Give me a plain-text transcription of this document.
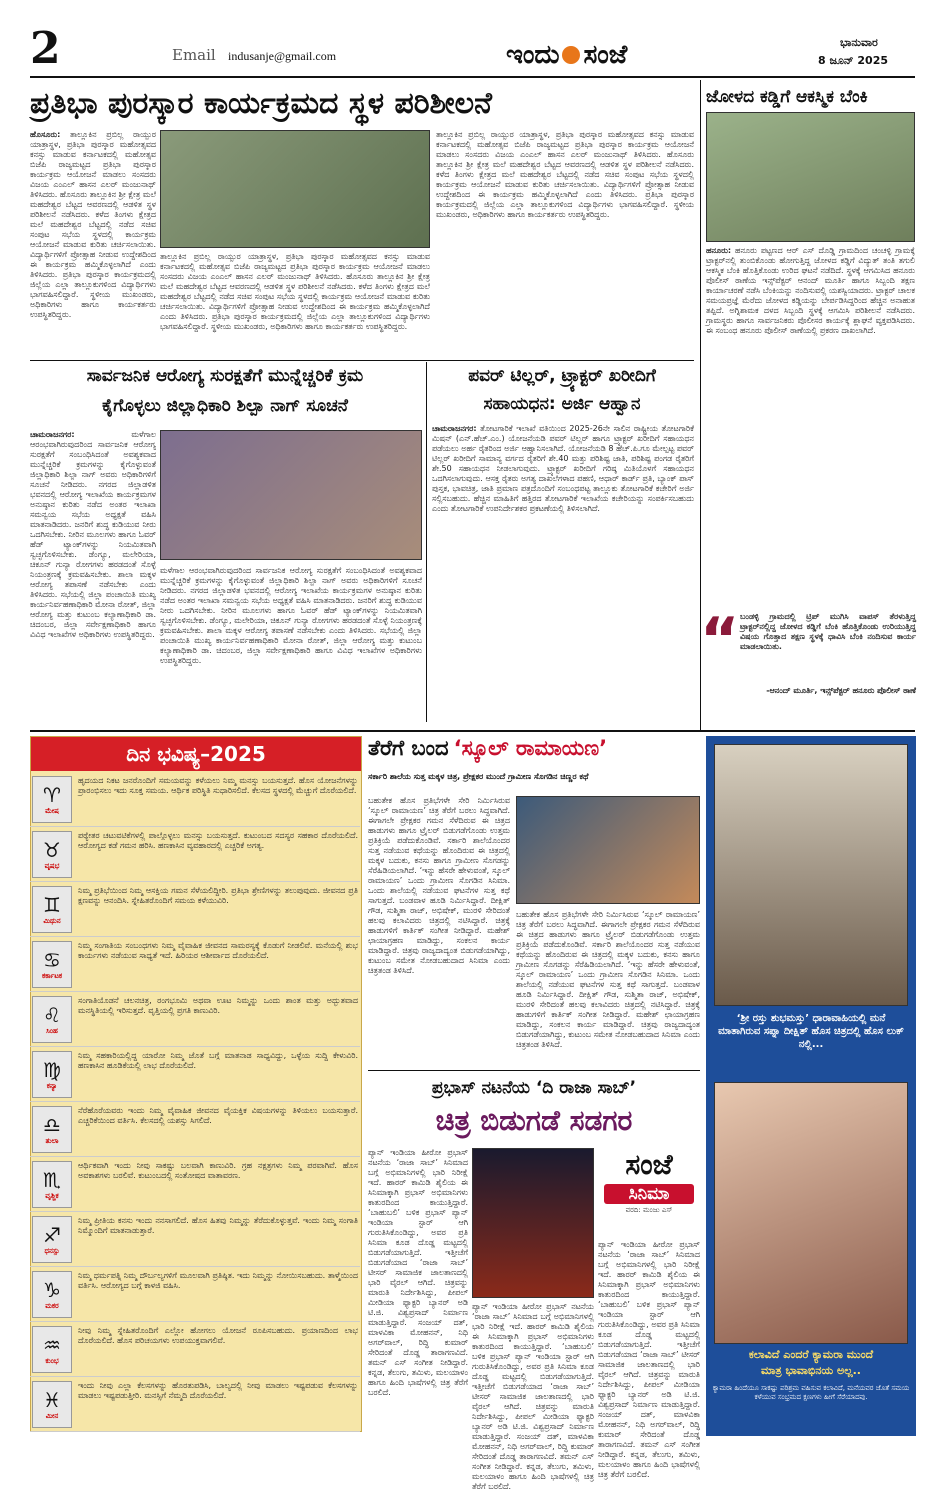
2	Email indusanje@gmail.com	ಇಂದು ಸಂಜೆ	ಭಾನುವಾರ
8 ಜೂನ್ 2025
ಪ್ರತಿಭಾ ಪುರಸ್ಕಾರ ಕಾರ್ಯಕ್ರಮದ ಸ್ಥಳ ಪರಿಶೀಲನೆ
ಹೊಸೂರು: ತಾಲ್ಲೂಕಿನ ಪ್ರಬಿಲ್ಲ ರಾಯ್ಪುರ ಯಾತ್ರಾಸ್ಥಳ, ಪ್ರತಿಭಾ ಪುರಸ್ಕಾರ ಮಹೋತ್ಸವದ ಕನಸ್ಸು ಮಾಡುವ ಕರ್ನಾಟಕದಲ್ಲಿ ಮಹೋತ್ಸವ ಬಿಜೆಪಿ ರಾಜ್ಯಮಟ್ಟದ ಪ್ರತಿಭಾ ಪುರಸ್ಕಾರ ಕಾರ್ಯಕ್ರಮ ಆಯೋಜನೆ ಮಾಡಲು ಸಂಸದರು ವಿಜಯ ಎಂಎಲ್ ಹಾಸನ ಎಲರ್ ಮಂಜುನಾಥ್ ತಿಳಿಸಿದರು. ಹೊಸೂರು ತಾಲ್ಲೂಕಿನ ಶ್ರೀ ಕ್ಷೇತ್ರ ಮಲೆ ಮಹದೇಶ್ವರ ಬೆಟ್ಟದ ಆವರಣದಲ್ಲಿ ಆಡಳಿತ ಸ್ಥಳ ಪರಿಶೀಲನೆ ನಡೆಸಿದರು. ಕಳೆದ ತಿಂಗಳು ಕ್ಷೇತ್ರದ ಮಲೆ ಮಹದೇಶ್ವರ ಬೆಟ್ಟದಲ್ಲಿ ನಡೆದ ಸಚಿವ ಸಂಪುಟ ಸಭೆಯ ಸ್ಥಳದಲ್ಲಿ ಕಾರ್ಯಕ್ರಮ ಆಯೋಜನೆ ಮಾಡುವ ಕುರಿತು ಚರ್ಚಿಸಲಾಯಿತು. ವಿದ್ಯಾರ್ಥಿಗಳಿಗೆ ಪ್ರೋತ್ಸಾಹ ನೀಡುವ ಉದ್ದೇಶದಿಂದ ಈ ಕಾರ್ಯಕ್ರಮ ಹಮ್ಮಿಕೊಳ್ಳಲಾಗಿದೆ ಎಂದು ತಿಳಿಸಿದರು. ಪ್ರತಿಭಾ ಪುರಸ್ಕಾರ ಕಾರ್ಯಕ್ರಮದಲ್ಲಿ ಜಿಲ್ಲೆಯ ಎಲ್ಲಾ ತಾಲ್ಲೂಕುಗಳಿಂದ ವಿದ್ಯಾರ್ಥಿಗಳು ಭಾಗವಹಿಸಲಿದ್ದಾರೆ. ಸ್ಥಳೀಯ ಮುಖಂಡರು, ಅಧಿಕಾರಿಗಳು ಹಾಗೂ ಕಾರ್ಯಕರ್ತರು ಉಪಸ್ಥಿತರಿದ್ದರು.
ತಾಲ್ಲೂಕಿನ ಪ್ರಬಿಲ್ಲ ರಾಯ್ಪುರ ಯಾತ್ರಾಸ್ಥಳ, ಪ್ರತಿಭಾ ಪುರಸ್ಕಾರ ಮಹೋತ್ಸವದ ಕನಸ್ಸು ಮಾಡುವ ಕರ್ನಾಟಕದಲ್ಲಿ ಮಹೋತ್ಸವ ಬಿಜೆಪಿ ರಾಜ್ಯಮಟ್ಟದ ಪ್ರತಿಭಾ ಪುರಸ್ಕಾರ ಕಾರ್ಯಕ್ರಮ ಆಯೋಜನೆ ಮಾಡಲು ಸಂಸದರು ವಿಜಯ ಎಂಎಲ್ ಹಾಸನ ಎಲರ್ ಮಂಜುನಾಥ್ ತಿಳಿಸಿದರು. ಹೊಸೂರು ತಾಲ್ಲೂಕಿನ ಶ್ರೀ ಕ್ಷೇತ್ರ ಮಲೆ ಮಹದೇಶ್ವರ ಬೆಟ್ಟದ ಆವರಣದಲ್ಲಿ ಆಡಳಿತ ಸ್ಥಳ ಪರಿಶೀಲನೆ ನಡೆಸಿದರು. ಕಳೆದ ತಿಂಗಳು ಕ್ಷೇತ್ರದ ಮಲೆ ಮಹದೇಶ್ವರ ಬೆಟ್ಟದಲ್ಲಿ ನಡೆದ ಸಚಿವ ಸಂಪುಟ ಸಭೆಯ ಸ್ಥಳದಲ್ಲಿ ಕಾರ್ಯಕ್ರಮ ಆಯೋಜನೆ ಮಾಡುವ ಕುರಿತು ಚರ್ಚಿಸಲಾಯಿತು. ವಿದ್ಯಾರ್ಥಿಗಳಿಗೆ ಪ್ರೋತ್ಸಾಹ ನೀಡುವ ಉದ್ದೇಶದಿಂದ ಈ ಕಾರ್ಯಕ್ರಮ ಹಮ್ಮಿಕೊಳ್ಳಲಾಗಿದೆ ಎಂದು ತಿಳಿಸಿದರು. ಪ್ರತಿಭಾ ಪುರಸ್ಕಾರ ಕಾರ್ಯಕ್ರಮದಲ್ಲಿ ಜಿಲ್ಲೆಯ ಎಲ್ಲಾ ತಾಲ್ಲೂಕುಗಳಿಂದ ವಿದ್ಯಾರ್ಥಿಗಳು ಭಾಗವಹಿಸಲಿದ್ದಾರೆ. ಸ್ಥಳೀಯ ಮುಖಂಡರು, ಅಧಿಕಾರಿಗಳು ಹಾಗೂ ಕಾರ್ಯಕರ್ತರು ಉಪಸ್ಥಿತರಿದ್ದರು.
ತಾಲ್ಲೂಕಿನ ಪ್ರಬಿಲ್ಲ ರಾಯ್ಪುರ ಯಾತ್ರಾಸ್ಥಳ, ಪ್ರತಿಭಾ ಪುರಸ್ಕಾರ ಮಹೋತ್ಸವದ ಕನಸ್ಸು ಮಾಡುವ ಕರ್ನಾಟಕದಲ್ಲಿ ಮಹೋತ್ಸವ ಬಿಜೆಪಿ ರಾಜ್ಯಮಟ್ಟದ ಪ್ರತಿಭಾ ಪುರಸ್ಕಾರ ಕಾರ್ಯಕ್ರಮ ಆಯೋಜನೆ ಮಾಡಲು ಸಂಸದರು ವಿಜಯ ಎಂಎಲ್ ಹಾಸನ ಎಲರ್ ಮಂಜುನಾಥ್ ತಿಳಿಸಿದರು. ಹೊಸೂರು ತಾಲ್ಲೂಕಿನ ಶ್ರೀ ಕ್ಷೇತ್ರ ಮಲೆ ಮಹದೇಶ್ವರ ಬೆಟ್ಟದ ಆವರಣದಲ್ಲಿ ಆಡಳಿತ ಸ್ಥಳ ಪರಿಶೀಲನೆ ನಡೆಸಿದರು. ಕಳೆದ ತಿಂಗಳು ಕ್ಷೇತ್ರದ ಮಲೆ ಮಹದೇಶ್ವರ ಬೆಟ್ಟದಲ್ಲಿ ನಡೆದ ಸಚಿವ ಸಂಪುಟ ಸಭೆಯ ಸ್ಥಳದಲ್ಲಿ ಕಾರ್ಯಕ್ರಮ ಆಯೋಜನೆ ಮಾಡುವ ಕುರಿತು ಚರ್ಚಿಸಲಾಯಿತು. ವಿದ್ಯಾರ್ಥಿಗಳಿಗೆ ಪ್ರೋತ್ಸಾಹ ನೀಡುವ ಉದ್ದೇಶದಿಂದ ಈ ಕಾರ್ಯಕ್ರಮ ಹಮ್ಮಿಕೊಳ್ಳಲಾಗಿದೆ ಎಂದು ತಿಳಿಸಿದರು. ಪ್ರತಿಭಾ ಪುರಸ್ಕಾರ ಕಾರ್ಯಕ್ರಮದಲ್ಲಿ ಜಿಲ್ಲೆಯ ಎಲ್ಲಾ ತಾಲ್ಲೂಕುಗಳಿಂದ ವಿದ್ಯಾರ್ಥಿಗಳು ಭಾಗವಹಿಸಲಿದ್ದಾರೆ. ಸ್ಥಳೀಯ ಮುಖಂಡರು, ಅಧಿಕಾರಿಗಳು ಹಾಗೂ ಕಾರ್ಯಕರ್ತರು ಉಪಸ್ಥಿತರಿದ್ದರು.
ಜೋಳದ ಕಡ್ಡಿಗೆ ಆಕಸ್ಮಿಕ ಬೆಂಕಿ
ಹನೂರು: ಹನೂರು ಪಟ್ಟಣದ ಆರ್ ಎಸ್ ದೊಡ್ಡಿ ಗ್ರಾಮದಿಂದ ಚಂಚಳ್ಳಿ ಗ್ರಾಮಕ್ಕೆ ಟ್ರಾಕ್ಟರ್‌ನಲ್ಲಿ ತುಂಬಿಕೊಂಡು ಹೋಗುತ್ತಿದ್ದ ಜೋಳದ ಕಡ್ಡಿಗೆ ವಿದ್ಯುತ್ ತಂತಿ ತಗುಲಿ ಆಕಸ್ಮಿಕ ಬೆಂಕಿ ಹೊತ್ತಿಕೊಂಡು ಉರಿದ ಘಟನೆ ನಡೆದಿದೆ. ಸ್ಥಳಕ್ಕೆ ಆಗಮಿಸಿದ ಹನೂರು ಪೊಲೀಸ್ ಠಾಣೆಯ ಇನ್ಸ್‌ಪೆಕ್ಟರ್ ಆನಂದ್ ಮೂರ್ತಿ ಹಾಗೂ ಸಿಬ್ಬಂದಿ ತಕ್ಷಣ ಕಾರ್ಯಾಚರಣೆ ನಡೆಸಿ ಬೆಂಕಿಯನ್ನು ನಂದಿಸುವಲ್ಲಿ ಯಶಸ್ವಿಯಾದರು. ಟ್ರಾಕ್ಟರ್ ಚಾಲಕ ಸಮಯಪ್ರಜ್ಞೆ ಮೆರೆದು ಜೋಳದ ಕಡ್ಡಿಯನ್ನು ಬೇರ್ಪಡಿಸಿದ್ದರಿಂದ ಹೆಚ್ಚಿನ ಅನಾಹುತ ತಪ್ಪಿದೆ. ಅಗ್ನಿಶಾಮಕ ದಳದ ಸಿಬ್ಬಂದಿ ಸ್ಥಳಕ್ಕೆ ಆಗಮಿಸಿ ಪರಿಶೀಲನೆ ನಡೆಸಿದರು. ಗ್ರಾಮಸ್ಥರು ಹಾಗೂ ಸಾರ್ವಜನಿಕರು ಪೊಲೀಸರ ಕಾರ್ಯಕ್ಕೆ ಶ್ಲಾಘನೆ ವ್ಯಕ್ತಪಡಿಸಿದರು. ಈ ಸಂಬಂಧ ಹನೂರು ಪೊಲೀಸ್ ಠಾಣೆಯಲ್ಲಿ ಪ್ರಕರಣ ದಾಖಲಾಗಿದೆ.
“ ಬಂಡಳ್ಳಿ ಗ್ರಾಮದಲ್ಲಿ ಟ್ರಿಪ್ ಮುಗಿಸಿ ವಾಪಸ್ ತೆರಳುತ್ತಿದ್ದ ಟ್ರಾಕ್ಟರ್‌ನಲ್ಲಿದ್ದ ಜೋಳದ ಕಡ್ಡಿಗೆ ಬೆಂಕಿ ಹೊತ್ತಿಕೊಂಡು ಉರಿಯುತ್ತಿದ್ದ ವಿಷಯ ಗೊತ್ತಾದ ತಕ್ಷಣ ಸ್ಥಳಕ್ಕೆ ಧಾವಿಸಿ ಬೆಂಕಿ ನಂದಿಸುವ ಕಾರ್ಯ ಮಾಡಲಾಯಿತು.
-ಆನಂದ್ ಮೂರ್ತಿ, ಇನ್ಸ್‌ಪೆಕ್ಟರ್ ಹನೂರು ಪೊಲೀಸ್ ಠಾಣೆ
ಸಾರ್ವಜನಿಕ ಆರೋಗ್ಯ ಸುರಕ್ಷತೆಗೆ ಮುನ್ನೆಚ್ಚರಿಕೆ ಕ್ರಮ
ಕೈಗೊಳ್ಳಲು ಜಿಲ್ಲಾಧಿಕಾರಿ ಶಿಲ್ಪಾ ನಾಗ್ ಸೂಚನೆ
ಚಾಮರಾಜನಗರ:	ಮಳೆಗಾಲ ಆರಂಭವಾಗಿರುವುದರಿಂದ ಸಾರ್ವಜನಿಕ ಆರೋಗ್ಯ ಸುರಕ್ಷತೆಗೆ ಸಂಬಂಧಿಸಿದಂತೆ ಅವಶ್ಯಕವಾದ ಮುನ್ನೆಚ್ಚರಿಕೆ ಕ್ರಮಗಳನ್ನು ಕೈಗೊಳ್ಳುವಂತೆ ಜಿಲ್ಲಾಧಿಕಾರಿ ಶಿಲ್ಪಾ ನಾಗ್ ಅವರು ಅಧಿಕಾರಿಗಳಿಗೆ ಸೂಚನೆ ನೀಡಿದರು. ನಗರದ ಜಿಲ್ಲಾಡಳಿತ ಭವನದಲ್ಲಿ ಆರೋಗ್ಯ ಇಲಾಖೆಯ ಕಾರ್ಯಕ್ರಮಗಳ ಅನುಷ್ಠಾನ ಕುರಿತು ನಡೆದ ಅಂತರ ಇಲಾಖಾ ಸಮನ್ವಯ ಸಭೆಯ ಅಧ್ಯಕ್ಷತೆ ವಹಿಸಿ ಮಾತನಾಡಿದರು. ಜನರಿಗೆ ಶುದ್ಧ ಕುಡಿಯುವ ನೀರು ಒದಗಿಸಬೇಕು. ನೀರಿನ ಮೂಲಗಳು ಹಾಗೂ ಓವರ್ ಹೆಡ್ ಟ್ಯಾಂಕ್‌ಗಳನ್ನು ನಿಯಮಿತವಾಗಿ ಸ್ವಚ್ಛಗೊಳಿಸಬೇಕು. ಡೆಂಗ್ಯೂ, ಮಲೇರಿಯಾ, ಚಿಕೂನ್ ಗುನ್ಯಾ ರೋಗಗಳು ಹರಡದಂತೆ ಸೊಳ್ಳೆ ನಿಯಂತ್ರಣಕ್ಕೆ ಕ್ರಮವಹಿಸಬೇಕು. ಶಾಲಾ ಮಕ್ಕಳ ಆರೋಗ್ಯ ತಪಾಸಣೆ ನಡೆಸಬೇಕು ಎಂದು ತಿಳಿಸಿದರು. ಸಭೆಯಲ್ಲಿ ಜಿಲ್ಲಾ ಪಂಚಾಯಿತಿ ಮುಖ್ಯ ಕಾರ್ಯನಿರ್ವಹಣಾಧಿಕಾರಿ ಮೋನಾ ರೋತ್, ಜಿಲ್ಲಾ ಆರೋಗ್ಯ ಮತ್ತು ಕುಟುಂಬ ಕಲ್ಯಾಣಾಧಿಕಾರಿ ಡಾ. ಚಿದಂಬರ, ಜಿಲ್ಲಾ ಸರ್ವೇಕ್ಷಣಾಧಿಕಾರಿ ಹಾಗೂ ವಿವಿಧ ಇಲಾಖೆಗಳ ಅಧಿಕಾರಿಗಳು ಉಪಸ್ಥಿತರಿದ್ದರು.
ಮಳೆಗಾಲ ಆರಂಭವಾಗಿರುವುದರಿಂದ ಸಾರ್ವಜನಿಕ ಆರೋಗ್ಯ ಸುರಕ್ಷತೆಗೆ ಸಂಬಂಧಿಸಿದಂತೆ ಅವಶ್ಯಕವಾದ ಮುನ್ನೆಚ್ಚರಿಕೆ ಕ್ರಮಗಳನ್ನು ಕೈಗೊಳ್ಳುವಂತೆ ಜಿಲ್ಲಾಧಿಕಾರಿ ಶಿಲ್ಪಾ ನಾಗ್ ಅವರು ಅಧಿಕಾರಿಗಳಿಗೆ ಸೂಚನೆ ನೀಡಿದರು. ನಗರದ ಜಿಲ್ಲಾಡಳಿತ ಭವನದಲ್ಲಿ ಆರೋಗ್ಯ ಇಲಾಖೆಯ ಕಾರ್ಯಕ್ರಮಗಳ ಅನುಷ್ಠಾನ ಕುರಿತು ನಡೆದ ಅಂತರ ಇಲಾಖಾ ಸಮನ್ವಯ ಸಭೆಯ ಅಧ್ಯಕ್ಷತೆ ವಹಿಸಿ ಮಾತನಾಡಿದರು. ಜನರಿಗೆ ಶುದ್ಧ ಕುಡಿಯುವ ನೀರು ಒದಗಿಸಬೇಕು. ನೀರಿನ ಮೂಲಗಳು ಹಾಗೂ ಓವರ್ ಹೆಡ್ ಟ್ಯಾಂಕ್‌ಗಳನ್ನು ನಿಯಮಿತವಾಗಿ ಸ್ವಚ್ಛಗೊಳಿಸಬೇಕು. ಡೆಂಗ್ಯೂ, ಮಲೇರಿಯಾ, ಚಿಕೂನ್ ಗುನ್ಯಾ ರೋಗಗಳು ಹರಡದಂತೆ ಸೊಳ್ಳೆ ನಿಯಂತ್ರಣಕ್ಕೆ ಕ್ರಮವಹಿಸಬೇಕು. ಶಾಲಾ ಮಕ್ಕಳ ಆರೋಗ್ಯ ತಪಾಸಣೆ ನಡೆಸಬೇಕು ಎಂದು ತಿಳಿಸಿದರು. ಸಭೆಯಲ್ಲಿ ಜಿಲ್ಲಾ ಪಂಚಾಯಿತಿ ಮುಖ್ಯ ಕಾರ್ಯನಿರ್ವಹಣಾಧಿಕಾರಿ ಮೋನಾ ರೋತ್, ಜಿಲ್ಲಾ ಆರೋಗ್ಯ ಮತ್ತು ಕುಟುಂಬ ಕಲ್ಯಾಣಾಧಿಕಾರಿ ಡಾ. ಚಿದಂಬರ, ಜಿಲ್ಲಾ ಸರ್ವೇಕ್ಷಣಾಧಿಕಾರಿ ಹಾಗೂ ವಿವಿಧ ಇಲಾಖೆಗಳ ಅಧಿಕಾರಿಗಳು ಉಪಸ್ಥಿತರಿದ್ದರು.
ಪವರ್ ಟಿಲ್ಲರ್, ಟ್ರ್ಯಾಕ್ಟರ್ ಖರೀದಿಗೆ
ಸಹಾಯಧನ: ಅರ್ಜಿ ಆಹ್ವಾನ
ಚಾಮರಾಜನಗರ: ತೋಟಗಾರಿಕೆ ಇಲಾಖೆ ವತಿಯಿಂದ 2025-26ನೇ ಸಾಲಿನ ರಾಷ್ಟ್ರೀಯ ತೋಟಗಾರಿಕೆ ಮಿಷನ್ (ಎನ್.ಹೆಚ್.ಎಂ.) ಯೋಜನೆಯಡಿ ಪವರ್ ಟಿಲ್ಲರ್ ಹಾಗೂ ಟ್ರ್ಯಾಕ್ಟರ್ ಖರೀದಿಗೆ ಸಹಾಯಧನ ಪಡೆಯಲು ಅರ್ಹ ರೈತರಿಂದ ಅರ್ಜಿ ಆಹ್ವಾನಿಸಲಾಗಿದೆ. ಯೋಜನೆಯಡಿ 8 ಹೆಚ್.ಪಿ.ಗೂ ಮೇಲ್ಪಟ್ಟ ಪವರ್ ಟಿಲ್ಲರ್ ಖರೀದಿಗೆ ಸಾಮಾನ್ಯ ವರ್ಗದ ರೈತರಿಗೆ ಶೇ.40 ಮತ್ತು ಪರಿಶಿಷ್ಟ ಜಾತಿ, ಪರಿಶಿಷ್ಟ ಪಂಗಡ ರೈತರಿಗೆ ಶೇ.50 ಸಹಾಯಧನ ನೀಡಲಾಗುವುದು. ಟ್ರ್ಯಾಕ್ಟರ್ ಖರೀದಿಗೆ ಗರಿಷ್ಠ ಮಿತಿಯೊಳಗೆ ಸಹಾಯಧನ ಒದಗಿಸಲಾಗುವುದು. ಆಸಕ್ತ ರೈತರು ಅಗತ್ಯ ದಾಖಲೆಗಳಾದ ಪಹಣಿ, ಆಧಾರ್ ಕಾರ್ಡ್ ಪ್ರತಿ, ಬ್ಯಾಂಕ್ ಪಾಸ್ ಪುಸ್ತಕ, ಭಾವಚಿತ್ರ, ಜಾತಿ ಪ್ರಮಾಣ ಪತ್ರದೊಂದಿಗೆ ಸಂಬಂಧಪಟ್ಟ ತಾಲ್ಲೂಕು ತೋಟಗಾರಿಕೆ ಕಚೇರಿಗೆ ಅರ್ಜಿ ಸಲ್ಲಿಸಬಹುದು. ಹೆಚ್ಚಿನ ಮಾಹಿತಿಗೆ ಹತ್ತಿರದ ತೋಟಗಾರಿಕೆ ಇಲಾಖೆಯ ಕಚೇರಿಯನ್ನು ಸಂಪರ್ಕಿಸಬಹುದು ಎಂದು ತೋಟಗಾರಿಕೆ ಉಪನಿರ್ದೇಶಕರ ಪ್ರಕಟಣೆಯಲ್ಲಿ ತಿಳಿಸಲಾಗಿದೆ.
ದಿನ ಭವಿಷ್ಯ–2025
♈
ಮೇಷ
ಹೃದಯದ ನಿಕಟ ಜನರೊಂದಿಗೆ ಸಮಯವನ್ನು ಕಳೆಯಲು ನಿಮ್ಮ ಮನಸ್ಸು ಬಯಸುತ್ತದೆ. ಹೊಸ ಯೋಜನೆಗಳನ್ನು ಪ್ರಾರಂಭಿಸಲು ಇದು ಸೂಕ್ತ ಸಮಯ. ಆರ್ಥಿಕ ಪರಿಸ್ಥಿತಿ ಸುಧಾರಿಸಲಿದೆ. ಕೆಲಸದ ಸ್ಥಳದಲ್ಲಿ ಮೆಚ್ಚುಗೆ ದೊರೆಯಲಿದೆ.
♉
ವೃಷಭ
ಪಠ್ಯೇತರ ಚಟುವಟಿಕೆಗಳಲ್ಲಿ ಪಾಲ್ಗೊಳ್ಳಲು ಮನಸ್ಸು ಬಯಸುತ್ತದೆ. ಕುಟುಂಬದ ಸದಸ್ಯರ ಸಹಕಾರ ದೊರೆಯಲಿದೆ. ಆರೋಗ್ಯದ ಕಡೆ ಗಮನ ಹರಿಸಿ. ಹಣಕಾಸಿನ ವ್ಯವಹಾರದಲ್ಲಿ ಎಚ್ಚರಿಕೆ ಅಗತ್ಯ.
♊
ಮಿಥುನ
ನಿಮ್ಮ ಪ್ರತಿಭೆಯಿಂದ ನಿಮ್ಮ ಆಸಕ್ತಿಯ ಗಮನ ಸೆಳೆಯಲಿದ್ದೀರಿ. ಪ್ರತಿಭಾ ಶ್ರೇಣಿಗಳನ್ನು ತಲುಪುವುದು. ಜೀವನದ ಪ್ರತಿ ಕ್ಷಣವನ್ನು ಆನಂದಿಸಿ. ಸ್ನೇಹಿತರೊಂದಿಗೆ ಸಮಯ ಕಳೆಯುವಿರಿ.
♋
ಕರ್ಕಾಟಕ
ನಿಮ್ಮ ಸಂಗಾತಿಯ ಸಂಬಂಧಗಳು ನಿಮ್ಮ ವೈವಾಹಿಕ ಜೀವನದ ಸಾಮರಸ್ಯಕ್ಕೆ ಕೊಡುಗೆ ನೀಡಲಿವೆ. ಮನೆಯಲ್ಲಿ ಶುಭ ಕಾರ್ಯಗಳು ನಡೆಯುವ ಸಾಧ್ಯತೆ ಇದೆ. ಹಿರಿಯರ ಆಶೀರ್ವಾದ ದೊರೆಯಲಿದೆ.
♌
ಸಿಂಹ
ಸಂಗಾತಿಯೊಡನೆ ಚಲನಚಿತ್ರ, ರಂಗಭೂಮಿ ಅಥವಾ ಊಟ ನಿಮ್ಮನ್ನು ಒಂದು ಶಾಂತ ಮತ್ತು ಅದ್ಭುತವಾದ ಮನಸ್ಥಿತಿಯಲ್ಲಿ ಇರಿಸುತ್ತದೆ. ವೃತ್ತಿಯಲ್ಲಿ ಪ್ರಗತಿ ಕಾಣುವಿರಿ.
♍
ಕನ್ಯಾ
ನಿಮ್ಮ ಸಹಕಾರಿಯಲ್ಲಿದ್ದ ಯಾರೋ ನಿಮ್ಮ ಜೊತೆ ಬಗ್ಗೆ ಮಾತನಾಡ ಸಾಧ್ಯವಿದ್ದು, ಒಳ್ಳೆಯ ಸುದ್ದಿ ಕೇಳುವಿರಿ. ಹಣಕಾಸಿನ ಹೂಡಿಕೆಯಲ್ಲಿ ಲಾಭ ದೊರೆಯಲಿದೆ.
♎
ತುಲಾ
ನೆರೆಹೊರೆಯವರು ಇಂದು ನಿಮ್ಮ ವೈವಾಹಿಕ ಜೀವನದ ವೈಯಕ್ತಿಕ ವಿಷಯಗಳನ್ನು ತಿಳಿಯಲು ಬಯಸುತ್ತಾರೆ. ಎಚ್ಚರಿಕೆಯಿಂದ ವರ್ತಿಸಿ. ಕೆಲಸದಲ್ಲಿ ಯಶಸ್ಸು ಸಿಗಲಿದೆ.
♏
ವೃಶ್ಚಿಕ
ಆರ್ಥಿಕವಾಗಿ ಇಂದು ನೀವು ಸಾಕಷ್ಟು ಬಲವಾಗಿ ಕಾಣುವಿರಿ. ಗ್ರಹ ನಕ್ಷತ್ರಗಳು ನಿಮ್ಮ ಪರವಾಗಿವೆ. ಹೊಸ ಅವಕಾಶಗಳು ಬರಲಿವೆ. ಕುಟುಂಬದಲ್ಲಿ ಸಂತೋಷದ ವಾತಾವರಣ.
♐
ಧನಸ್ಸು
ನಿಮ್ಮ ಪ್ರೀತಿಯ ಕನಸು ಇಂದು ನನಸಾಗಲಿದೆ. ಹೊಸ ಹಿತವು ನಿಮ್ಮನ್ನು ತೆರೆದುಕೊಳ್ಳುತ್ತವೆ. ಇಂದು ನಿಮ್ಮ ಸಂಗಾತಿ ನಿಮ್ಮೊಂದಿಗೆ ಮಾತನಾಡುತ್ತಾರೆ.
♑
ಮಕರ
ನಿಮ್ಮ ಧರ್ಮಪತ್ನಿ ನಿಮ್ಮ ದೌರ್ಬಲ್ಯಗಳಿಗೆ ಮೂಲವಾಗಿ ಪ್ರತಿಷ್ಠಿತ. ಇದು ನಿಮ್ಮನ್ನು ನೋಯಿಸಬಹುದು. ತಾಳ್ಮೆಯಿಂದ ವರ್ತಿಸಿ. ಆರೋಗ್ಯದ ಬಗ್ಗೆ ಕಾಳಜಿ ವಹಿಸಿ.
♒
ಕುಂಭ
ನೀವು ನಿಮ್ಮ ಸ್ನೇಹಿತರೊಂದಿಗೆ ಎಲ್ಲೋ ಹೋಗಲು ಯೋಜನೆ ರೂಪಿಸಬಹುದು. ಪ್ರಯಾಣದಿಂದ ಲಾಭ ದೊರೆಯಲಿದೆ. ಹೊಸ ಪರಿಚಯಗಳು ಉಪಯುಕ್ತವಾಗಲಿವೆ.
♓
ಮೀನ
ಇಂದು ನೀವು ಎಲ್ಲಾ ಕೆಲಸಗಳನ್ನು ಹೊರತುಪಡಿಸಿ, ಬಾಲ್ಯದಲ್ಲಿ ನೀವು ಮಾಡಲು ಇಷ್ಟಪಡುವ ಕೆಲಸಗಳನ್ನು ಮಾಡಲು ಇಷ್ಟಪಡುತ್ತೀರಿ. ಮನಸ್ಸಿಗೆ ನೆಮ್ಮದಿ ದೊರೆಯಲಿದೆ.
ತೆರೆಗೆ ಬಂದ ‘ಸ್ಕೂಲ್ ರಾಮಾಯಣ’
ಸರ್ಕಾರಿ ಶಾಲೆಯ ಸುತ್ತ ಮಕ್ಕಳ ಚಿತ್ರ, ಪ್ರೇಕ್ಷಕರ ಮುಂದೆ ಗ್ರಾಮೀಣ ಸೊಗಡಿನ ಚಿಣ್ಣರ ಕಥೆ
ಬಹುತೇಕ ಹೊಸ ಪ್ರತಿಭೆಗಳೇ ಸೇರಿ ನಿರ್ಮಿಸಿರುವ ‘ಸ್ಕೂಲ್ ರಾಮಾಯಣ’ ಚಿತ್ರ ತೆರೆಗೆ ಬರಲು ಸಿದ್ಧವಾಗಿದೆ. ಈಗಾಗಲೇ ಪ್ರೇಕ್ಷಕರ ಗಮನ ಸೆಳೆದಿರುವ ಈ ಚಿತ್ರದ ಹಾಡುಗಳು ಹಾಗೂ ಟ್ರೈಲರ್ ಬಿಡುಗಡೆಗೊಂಡು ಉತ್ತಮ ಪ್ರತಿಕ್ರಿಯೆ ಪಡೆದುಕೊಂಡಿವೆ. ಸರ್ಕಾರಿ ಶಾಲೆಯೊಂದರ ಸುತ್ತ ನಡೆಯುವ ಕಥೆಯನ್ನು ಹೊಂದಿರುವ ಈ ಚಿತ್ರದಲ್ಲಿ ಮಕ್ಕಳ ಬದುಕು, ಕನಸು ಹಾಗೂ ಗ್ರಾಮೀಣ ಸೊಗಡನ್ನು ಸೆರೆಹಿಡಿಯಲಾಗಿದೆ. ‘ಇನ್ನು ಹೆಸರೇ ಹೇಳುವಂತೆ, ಸ್ಕೂಲ್ ರಾಮಾಯಣ’ ಒಂದು ಗ್ರಾಮೀಣ ಸೊಗಡಿನ ಸಿನಿಮಾ. ಒಂದು ಶಾಲೆಯಲ್ಲಿ ನಡೆಯುವ ಘಟನೆಗಳ ಸುತ್ತ ಕಥೆ ಸಾಗುತ್ತದೆ. ಬಂಡವಾಳ ಹೂಡಿ ನಿರ್ಮಿಸಿದ್ದಾರೆ. ದೀಕ್ಷಿತ್ ಗೌಡ, ಸುಶ್ಮಿತಾ ರಾಜ್, ಅಭಿಷೇಕ್, ಮುರಳಿ ಸೇರಿದಂತೆ ಹಲವು ಕಲಾವಿದರು ಚಿತ್ರದಲ್ಲಿ ನಟಿಸಿದ್ದಾರೆ. ಚಿತ್ರಕ್ಕೆ ಹಾಡುಗಳಿಗೆ ಕಾರ್ತಿಕ್ ಸಂಗೀತ ನೀಡಿದ್ದಾರೆ. ಮಹೇಶ್ ಛಾಯಾಗ್ರಹಣ ಮಾಡಿದ್ದು, ಸಂಕಲನ ಕಾರ್ಯ ಮಾಡಿದ್ದಾರೆ. ಚಿತ್ರವು ರಾಜ್ಯದಾದ್ಯಂತ ಬಿಡುಗಡೆಯಾಗಿದ್ದು, ಕುಟುಂಬ ಸಮೇತ ನೋಡಬಹುದಾದ ಸಿನಿಮಾ ಎಂದು ಚಿತ್ರತಂಡ ತಿಳಿಸಿದೆ.
ಬಹುತೇಕ ಹೊಸ ಪ್ರತಿಭೆಗಳೇ ಸೇರಿ ನಿರ್ಮಿಸಿರುವ ‘ಸ್ಕೂಲ್ ರಾಮಾಯಣ’ ಚಿತ್ರ ತೆರೆಗೆ ಬರಲು ಸಿದ್ಧವಾಗಿದೆ. ಈಗಾಗಲೇ ಪ್ರೇಕ್ಷಕರ ಗಮನ ಸೆಳೆದಿರುವ ಈ ಚಿತ್ರದ ಹಾಡುಗಳು ಹಾಗೂ ಟ್ರೈಲರ್ ಬಿಡುಗಡೆಗೊಂಡು ಉತ್ತಮ ಪ್ರತಿಕ್ರಿಯೆ ಪಡೆದುಕೊಂಡಿವೆ. ಸರ್ಕಾರಿ ಶಾಲೆಯೊಂದರ ಸುತ್ತ ನಡೆಯುವ ಕಥೆಯನ್ನು ಹೊಂದಿರುವ ಈ ಚಿತ್ರದಲ್ಲಿ ಮಕ್ಕಳ ಬದುಕು, ಕನಸು ಹಾಗೂ ಗ್ರಾಮೀಣ ಸೊಗಡನ್ನು ಸೆರೆಹಿಡಿಯಲಾಗಿದೆ. ‘ಇನ್ನು ಹೆಸರೇ ಹೇಳುವಂತೆ, ಸ್ಕೂಲ್ ರಾಮಾಯಣ’ ಒಂದು ಗ್ರಾಮೀಣ ಸೊಗಡಿನ ಸಿನಿಮಾ. ಒಂದು ಶಾಲೆಯಲ್ಲಿ ನಡೆಯುವ ಘಟನೆಗಳ ಸುತ್ತ ಕಥೆ ಸಾಗುತ್ತದೆ. ಬಂಡವಾಳ ಹೂಡಿ ನಿರ್ಮಿಸಿದ್ದಾರೆ. ದೀಕ್ಷಿತ್ ಗೌಡ, ಸುಶ್ಮಿತಾ ರಾಜ್, ಅಭಿಷೇಕ್, ಮುರಳಿ ಸೇರಿದಂತೆ ಹಲವು ಕಲಾವಿದರು ಚಿತ್ರದಲ್ಲಿ ನಟಿಸಿದ್ದಾರೆ. ಚಿತ್ರಕ್ಕೆ ಹಾಡುಗಳಿಗೆ ಕಾರ್ತಿಕ್ ಸಂಗೀತ ನೀಡಿದ್ದಾರೆ. ಮಹೇಶ್ ಛಾಯಾಗ್ರಹಣ ಮಾಡಿದ್ದು, ಸಂಕಲನ ಕಾರ್ಯ ಮಾಡಿದ್ದಾರೆ. ಚಿತ್ರವು ರಾಜ್ಯದಾದ್ಯಂತ ಬಿಡುಗಡೆಯಾಗಿದ್ದು, ಕುಟುಂಬ ಸಮೇತ ನೋಡಬಹುದಾದ ಸಿನಿಮಾ ಎಂದು ಚಿತ್ರತಂಡ ತಿಳಿಸಿದೆ.
ಪ್ರಭಾಸ್ ನಟನೆಯ ‘ದಿ ರಾಜಾ ಸಾಬ್’
ಚಿತ್ರ ಬಿಡುಗಡೆ ಸಡಗರ
ಸಂಜೆ
ಸಿನಿಮಾ
ವರದಿ: ಮಂಜು ಎಸ್
ಪ್ಯಾನ್ ಇಂಡಿಯಾ ಹೀರೋ ಪ್ರಭಾಸ್ ನಟನೆಯ ‘ರಾಜಾ ಸಾಬ್’ ಸಿನಿಮಾದ ಬಗ್ಗೆ ಅಭಿಮಾನಿಗಳಲ್ಲಿ ಭಾರಿ ನಿರೀಕ್ಷೆ ಇದೆ. ಹಾರರ್ ಕಾಮಿಡಿ ಶೈಲಿಯ ಈ ಸಿನಿಮಾಕ್ಕಾಗಿ ಪ್ರಭಾಸ್ ಅಭಿಮಾನಿಗಳು ಕಾತುರದಿಂದ ಕಾಯುತ್ತಿದ್ದಾರೆ. ‘ಬಾಹುಬಲಿ’ ಬಳಿಕ ಪ್ರಭಾಸ್ ಪ್ಯಾನ್ ಇಂಡಿಯಾ ಸ್ಟಾರ್ ಆಗಿ ಗುರುತಿಸಿಕೊಂಡಿದ್ದು, ಅವರ ಪ್ರತಿ ಸಿನಿಮಾ ಕೂಡ ದೊಡ್ಡ ಮಟ್ಟದಲ್ಲಿ ಬಿಡುಗಡೆಯಾಗುತ್ತಿದೆ. ಇತ್ತೀಚೆಗೆ ಬಿಡುಗಡೆಯಾದ ‘ರಾಜಾ ಸಾಬ್’ ಟೀಸರ್ ಸಾಮಾಜಿಕ ಜಾಲತಾಣದಲ್ಲಿ ಭಾರಿ ವೈರಲ್ ಆಗಿದೆ. ಚಿತ್ರವನ್ನು ಮಾರುತಿ ನಿರ್ದೇಶಿಸಿದ್ದು, ಪೀಪಲ್ ಮೀಡಿಯಾ ಫ್ಯಾಕ್ಟರಿ ಬ್ಯಾನರ್ ಅಡಿ ಟಿ.ಜಿ. ವಿಶ್ವಪ್ರಸಾದ್ ನಿರ್ಮಾಣ ಮಾಡುತ್ತಿದ್ದಾರೆ. ಸಂಜಯ್ ದತ್, ಮಾಳವಿಕಾ ಮೋಹನನ್, ನಿಧಿ ಅಗರ್‌ವಾಲ್, ರಿದ್ಧಿ ಕುಮಾರ್ ಸೇರಿದಂತೆ ದೊಡ್ಡ ತಾರಾಗಣವಿದೆ. ತಮನ್ ಎಸ್ ಸಂಗೀತ ನೀಡಿದ್ದಾರೆ. ಕನ್ನಡ, ತೆಲುಗು, ತಮಿಳು, ಮಲಯಾಳಂ ಹಾಗೂ ಹಿಂದಿ ಭಾಷೆಗಳಲ್ಲಿ ಚಿತ್ರ ತೆರೆಗೆ ಬರಲಿದೆ.
ಪ್ಯಾನ್ ಇಂಡಿಯಾ ಹೀರೋ ಪ್ರಭಾಸ್ ನಟನೆಯ ‘ರಾಜಾ ಸಾಬ್’ ಸಿನಿಮಾದ ಬಗ್ಗೆ ಅಭಿಮಾನಿಗಳಲ್ಲಿ ಭಾರಿ ನಿರೀಕ್ಷೆ ಇದೆ. ಹಾರರ್ ಕಾಮಿಡಿ ಶೈಲಿಯ ಈ ಸಿನಿಮಾಕ್ಕಾಗಿ ಪ್ರಭಾಸ್ ಅಭಿಮಾನಿಗಳು ಕಾತುರದಿಂದ ಕಾಯುತ್ತಿದ್ದಾರೆ. ‘ಬಾಹುಬಲಿ’ ಬಳಿಕ ಪ್ರಭಾಸ್ ಪ್ಯಾನ್ ಇಂಡಿಯಾ ಸ್ಟಾರ್ ಆಗಿ ಗುರುತಿಸಿಕೊಂಡಿದ್ದು, ಅವರ ಪ್ರತಿ ಸಿನಿಮಾ ಕೂಡ ದೊಡ್ಡ ಮಟ್ಟದಲ್ಲಿ ಬಿಡುಗಡೆಯಾಗುತ್ತಿದೆ. ಇತ್ತೀಚೆಗೆ ಬಿಡುಗಡೆಯಾದ ‘ರಾಜಾ ಸಾಬ್’ ಟೀಸರ್ ಸಾಮಾಜಿಕ ಜಾಲತಾಣದಲ್ಲಿ ಭಾರಿ ವೈರಲ್ ಆಗಿದೆ. ಚಿತ್ರವನ್ನು ಮಾರುತಿ ನಿರ್ದೇಶಿಸಿದ್ದು, ಪೀಪಲ್ ಮೀಡಿಯಾ ಫ್ಯಾಕ್ಟರಿ ಬ್ಯಾನರ್ ಅಡಿ ಟಿ.ಜಿ. ವಿಶ್ವಪ್ರಸಾದ್ ನಿರ್ಮಾಣ ಮಾಡುತ್ತಿದ್ದಾರೆ. ಸಂಜಯ್ ದತ್, ಮಾಳವಿಕಾ ಮೋಹನನ್, ನಿಧಿ ಅಗರ್‌ವಾಲ್, ರಿದ್ಧಿ ಕುಮಾರ್ ಸೇರಿದಂತೆ ದೊಡ್ಡ ತಾರಾಗಣವಿದೆ. ತಮನ್ ಎಸ್ ಸಂಗೀತ ನೀಡಿದ್ದಾರೆ. ಕನ್ನಡ, ತೆಲುಗು, ತಮಿಳು, ಮಲಯಾಳಂ ಹಾಗೂ ಹಿಂದಿ ಭಾಷೆಗಳಲ್ಲಿ ಚಿತ್ರ ತೆರೆಗೆ ಬರಲಿದೆ.
ಪ್ಯಾನ್ ಇಂಡಿಯಾ ಹೀರೋ ಪ್ರಭಾಸ್ ನಟನೆಯ ‘ರಾಜಾ ಸಾಬ್’ ಸಿನಿಮಾದ ಬಗ್ಗೆ ಅಭಿಮಾನಿಗಳಲ್ಲಿ ಭಾರಿ ನಿರೀಕ್ಷೆ ಇದೆ. ಹಾರರ್ ಕಾಮಿಡಿ ಶೈಲಿಯ ಈ ಸಿನಿಮಾಕ್ಕಾಗಿ ಪ್ರಭಾಸ್ ಅಭಿಮಾನಿಗಳು ಕಾತುರದಿಂದ ಕಾಯುತ್ತಿದ್ದಾರೆ. ‘ಬಾಹುಬಲಿ’ ಬಳಿಕ ಪ್ರಭಾಸ್ ಪ್ಯಾನ್ ಇಂಡಿಯಾ ಸ್ಟಾರ್ ಆಗಿ ಗುರುತಿಸಿಕೊಂಡಿದ್ದು, ಅವರ ಪ್ರತಿ ಸಿನಿಮಾ ಕೂಡ ದೊಡ್ಡ ಮಟ್ಟದಲ್ಲಿ ಬಿಡುಗಡೆಯಾಗುತ್ತಿದೆ. ಇತ್ತೀಚೆಗೆ ಬಿಡುಗಡೆಯಾದ ‘ರಾಜಾ ಸಾಬ್’ ಟೀಸರ್ ಸಾಮಾಜಿಕ ಜಾಲತಾಣದಲ್ಲಿ ಭಾರಿ ವೈರಲ್ ಆಗಿದೆ. ಚಿತ್ರವನ್ನು ಮಾರುತಿ ನಿರ್ದೇಶಿಸಿದ್ದು, ಪೀಪಲ್ ಮೀಡಿಯಾ ಫ್ಯಾಕ್ಟರಿ ಬ್ಯಾನರ್ ಅಡಿ ಟಿ.ಜಿ. ವಿಶ್ವಪ್ರಸಾದ್ ನಿರ್ಮಾಣ ಮಾಡುತ್ತಿದ್ದಾರೆ. ಸಂಜಯ್ ದತ್, ಮಾಳವಿಕಾ ಮೋಹನನ್, ನಿಧಿ ಅಗರ್‌ವಾಲ್, ರಿದ್ಧಿ ಕುಮಾರ್ ಸೇರಿದಂತೆ ದೊಡ್ಡ ತಾರಾಗಣವಿದೆ. ತಮನ್ ಎಸ್ ಸಂಗೀತ ನೀಡಿದ್ದಾರೆ. ಕನ್ನಡ, ತೆಲುಗು, ತಮಿಳು, ಮಲಯಾಳಂ ಹಾಗೂ ಹಿಂದಿ ಭಾಷೆಗಳಲ್ಲಿ ಚಿತ್ರ ತೆರೆಗೆ ಬರಲಿದೆ.
‘ಶ್ರೀ ರಸ್ತು ಶುಭಮಸ್ತು’ ಧಾರಾವಾಹಿಯಲ್ಲಿ ಮನೆ ಮಾತಾಗಿರುವ ಸಪ್ನಾ ದೀಕ್ಷಿತ್ ಹೊಸ ಚಿತ್ರದಲ್ಲಿ ಹೊಸ ಲುಕ್ ನಲ್ಲಿ...
ಕಲಾವಿದೆ ಎಂದರೆ ಕ್ಯಾಮರಾ ಮುಂದೆ
ಮಾತ್ರ ಭಾವಾಭಿನಯ ಅಲ್ಲ..
ಕ್ಯಾಮರಾ ಹಿಂದೆಯೂ ಸಾಕಷ್ಟು ಪರಿಶ್ರಮ ವಹಿಸುವ ಕಲಾವಿದೆ, ಮನೆಯವರ ಜೊತೆ ಸಮಯ ಕಳೆಯುವ ಸಂಭ್ರಮದ ಕ್ಷಣಗಳು ಹೀಗೆ ಸೆರೆಯಾದವು.
